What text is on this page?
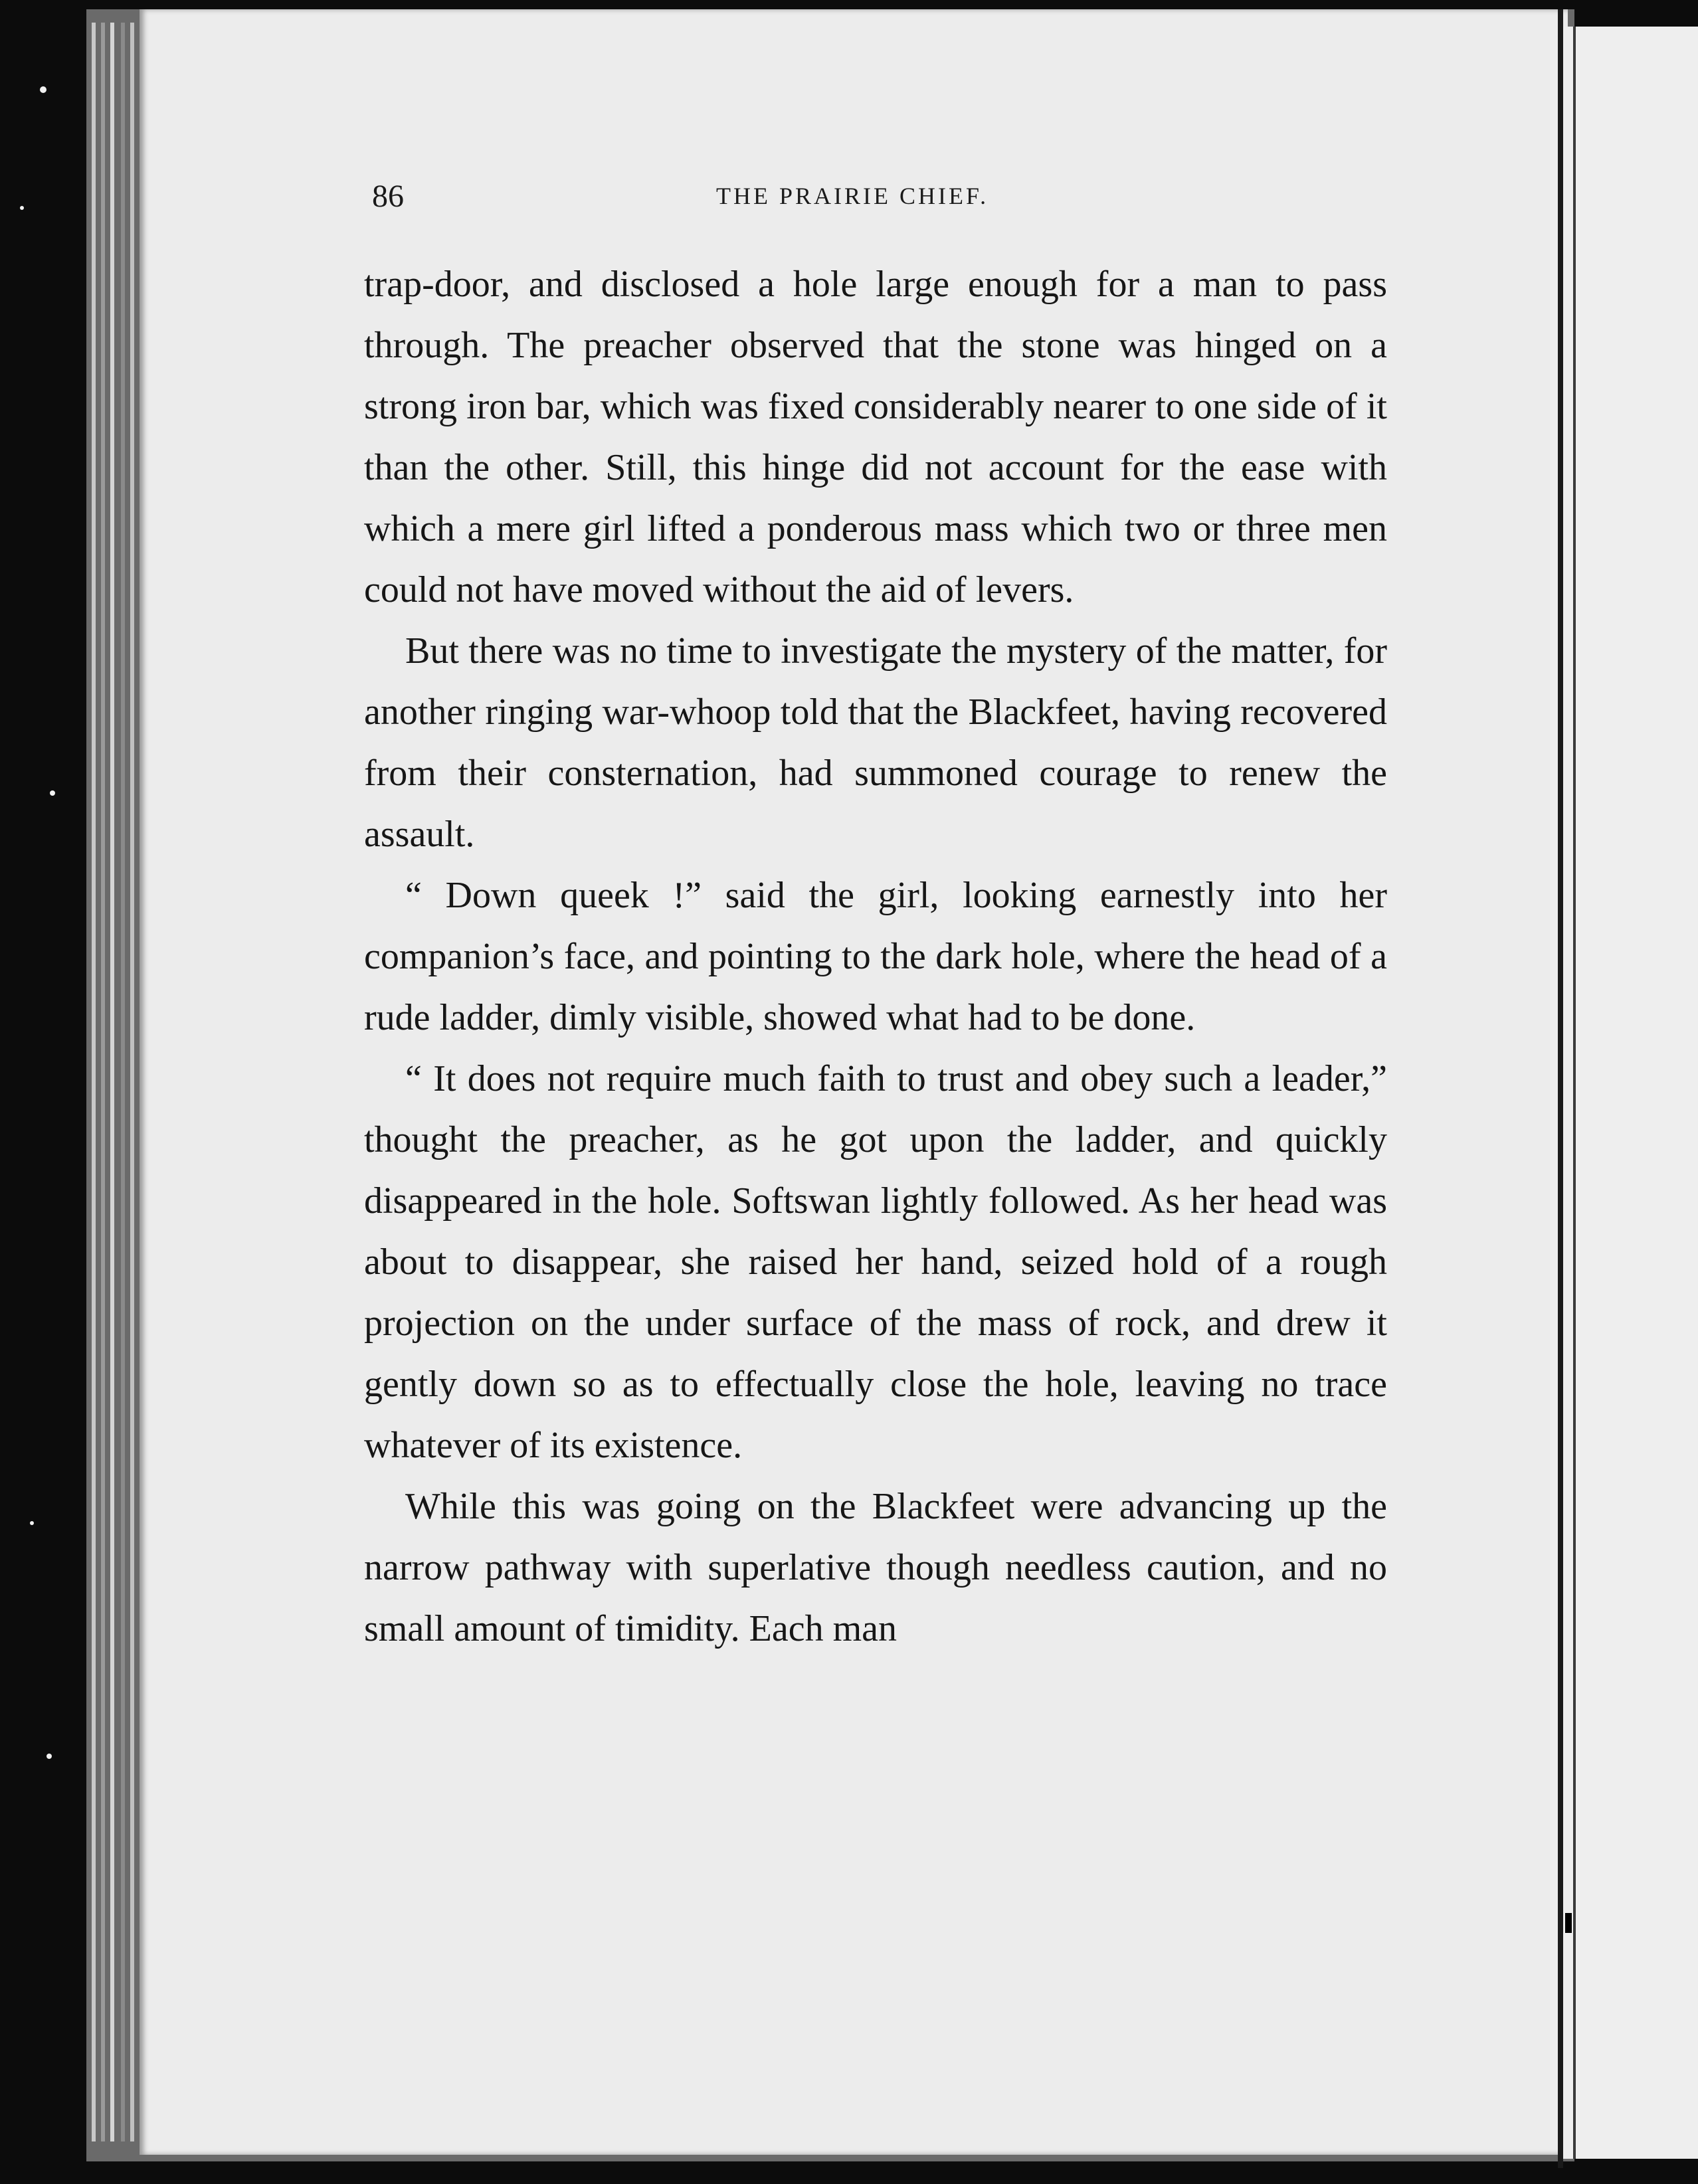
86	THE PRAIRIE CHIEF.

trap-door, and disclosed a hole large enough for a man to pass through. The preacher observed that the stone was hinged on a strong iron bar, which was fixed considerably nearer to one side of it than the other. Still, this hinge did not account for the ease with which a mere girl lifted a ponderous mass which two or three men could not have moved without the aid of levers.

But there was no time to investigate the mystery of the matter, for another ringing war-whoop told that the Blackfeet, having recovered from their consternation, had summoned courage to renew the assault.

“ Down queek !” said the girl, looking earnestly into her companion’s face, and pointing to the dark hole, where the head of a rude ladder, dimly visible, showed what had to be done.

“ It does not require much faith to trust and obey such a leader,” thought the preacher, as he got upon the ladder, and quickly disappeared in the hole. Softswan lightly followed. As her head was about to disappear, she raised her hand, seized hold of a rough projection on the under surface of the mass of rock, and drew it gently down so as to effectually close the hole, leaving no trace whatever of its existence.

While this was going on the Blackfeet were advancing up the narrow pathway with superlative though needless caution, and no small amount of timidity. Each man
